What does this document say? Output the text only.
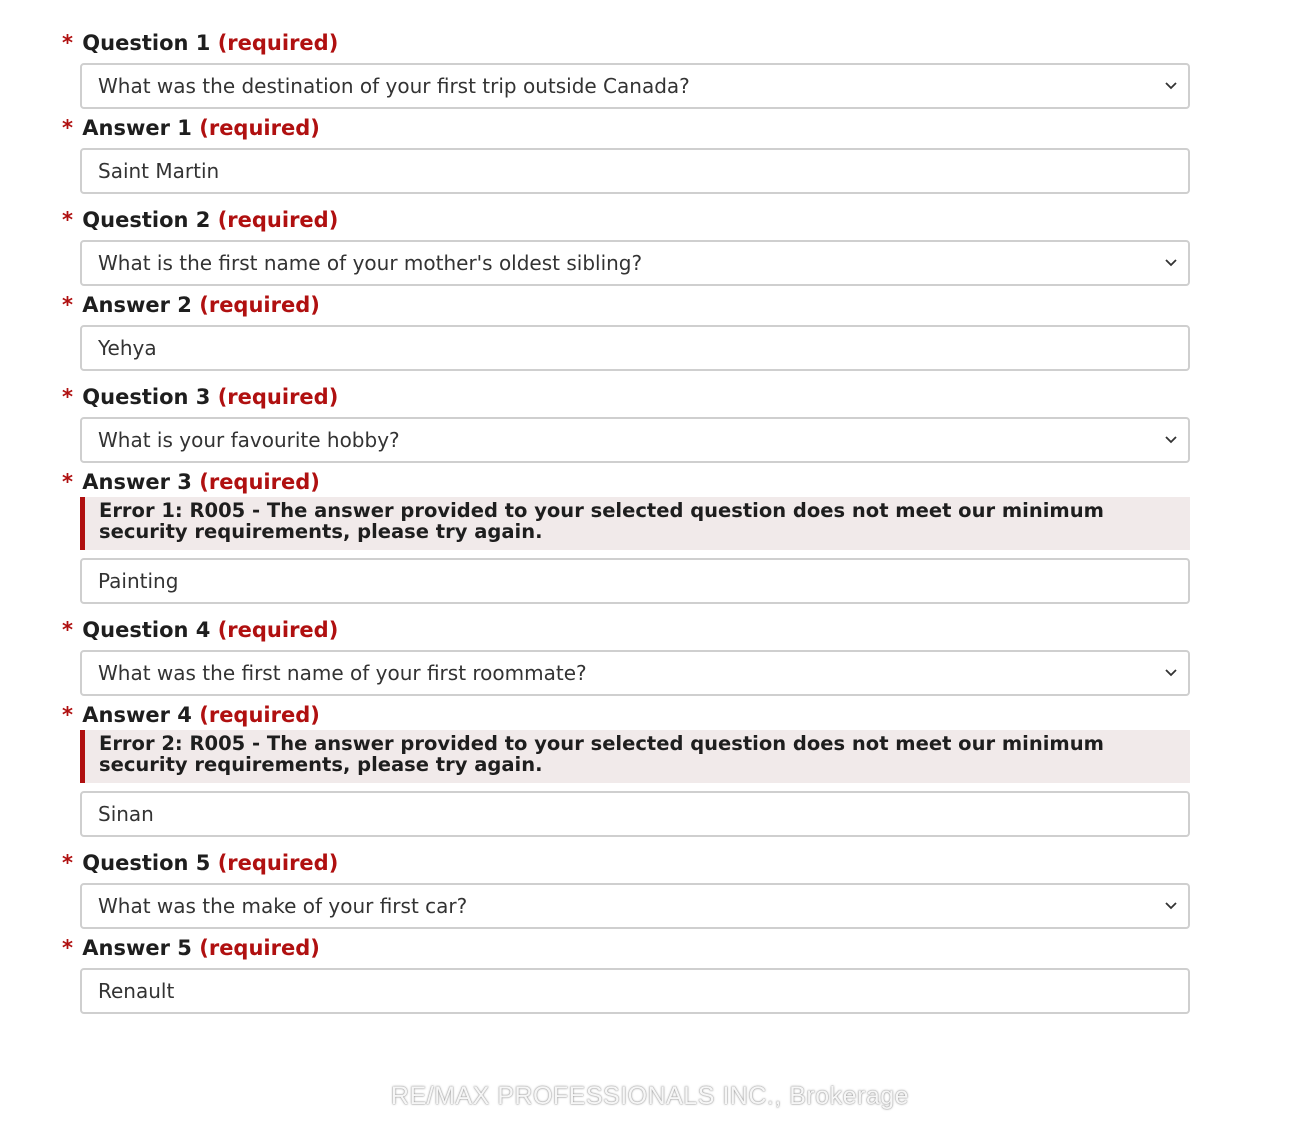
* Question 1 (required)
What was the destination of your first trip outside Canada?
* Answer 1 (required)
Saint Martin
* Question 2 (required)
What is the first name of your mother's oldest sibling?
* Answer 2 (required)
Yehya
* Question 3 (required)
What is your favourite hobby?
* Answer 3 (required)
Error 1: R005 - The answer provided to your selected question does not meet our minimum security requirements, please try again.
Painting
* Question 4 (required)
What was the first name of your first roommate?
* Answer 4 (required)
Error 2: R005 - The answer provided to your selected question does not meet our minimum security requirements, please try again.
Sinan
* Question 5 (required)
What was the make of your first car?
* Answer 5 (required)
Renault
RE/MAX PROFESSIONALS INC., Brokerage
